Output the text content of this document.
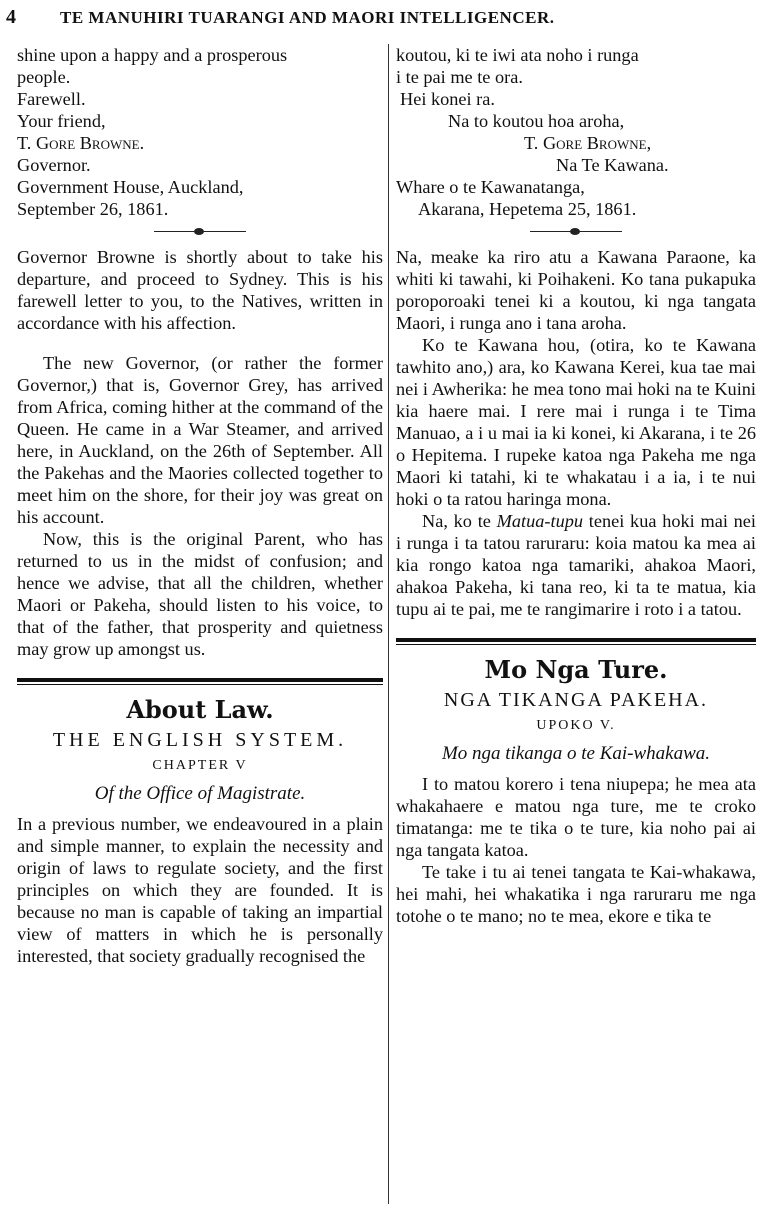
4	TE MANUHIRI TUARANGI AND MAORI INTELLIGENCER.

shine upon a happy and a prosperous

people.

Farewell.

Your friend,

T. Gore Browne.

Governor.

Government House, Auckland,

September 26, 1861.

Governor Browne is shortly about to take his departure, and proceed to Sydney. This is his farewell letter to you, to the Natives, written in accordance with his affection.

The new Governor, (or rather the former Governor,) that is, Governor Grey, has arrived from Africa, coming hither at the command of the Queen. He came in a War Steamer, and arrived here, in Auckland, on the 26th of September. All the Pakehas and the Maories collected together to meet him on the shore, for their joy was great on his account.

Now, this is the original Parent, who has returned to us in the midst of confusion; and hence we advise, that all the children, whether Maori or Pakeha, should listen to his voice, to that of the father, that prosperity and quietness may grow up amongst us.

About Law.
THE ENGLISH SYSTEM.
CHAPTER V
Of the Office of Magistrate.

In a previous number, we endeavoured in a plain and simple manner, to explain the necessity and origin of laws to regulate society, and the first principles on which they are founded. It is because no man is capable of taking an impartial view of matters in which he is personally interested, that society gradually recognised the

koutou, ki te iwi ata noho i runga

i te pai me te ora.

Hei konei ra.

Na to koutou hoa aroha,

T. Gore Browne,

Na Te Kawana.

Whare o te Kawanatanga,

Akarana, Hepetema 25, 1861.

Na, meake ka riro atu a Kawana Paraone, ka whiti ki tawahi, ki Poihakeni. Ko tana pukapuka poroporoaki tenei ki a koutou, ki nga tangata Maori, i runga ano i tana aroha.

Ko te Kawana hou, (otira, ko te Kawana tawhito ano,) ara, ko Kawana Kerei, kua tae mai nei i Awherika: he mea tono mai hoki na te Kuini kia haere mai. I rere mai i runga i te Tima Manuao, a i u mai ia ki konei, ki Akarana, i te 26 o Hepitema. I rupeke katoa nga Pakeha me nga Maori ki tatahi, ki te whakatau i a ia, i te nui hoki o ta ratou haringa mona.

Na, ko te Matua-tupu tenei kua hoki mai nei i runga i ta tatou raruraru: koia matou ka mea ai kia rongo katoa nga tamariki, ahakoa Maori, ahakoa Pakeha, ki tana reo, ki ta te matua, kia tupu ai te pai, me te rangimarire i roto i a tatou.

Mo Nga Ture.
NGA TIKANGA PAKEHA.
UPOKO V.
Mo nga tikanga o te Kai-whakawa.

I to matou korero i tena niupepa; he mea ata whakahaere e matou nga ture, me te croko timatanga: me te tika o te ture, kia noho pai ai nga tangata katoa.

Te take i tu ai tenei tangata te Kai-whakawa, hei mahi, hei whakatika i nga raruraru me nga totohe o te mano; no te mea, ekore e tika te
